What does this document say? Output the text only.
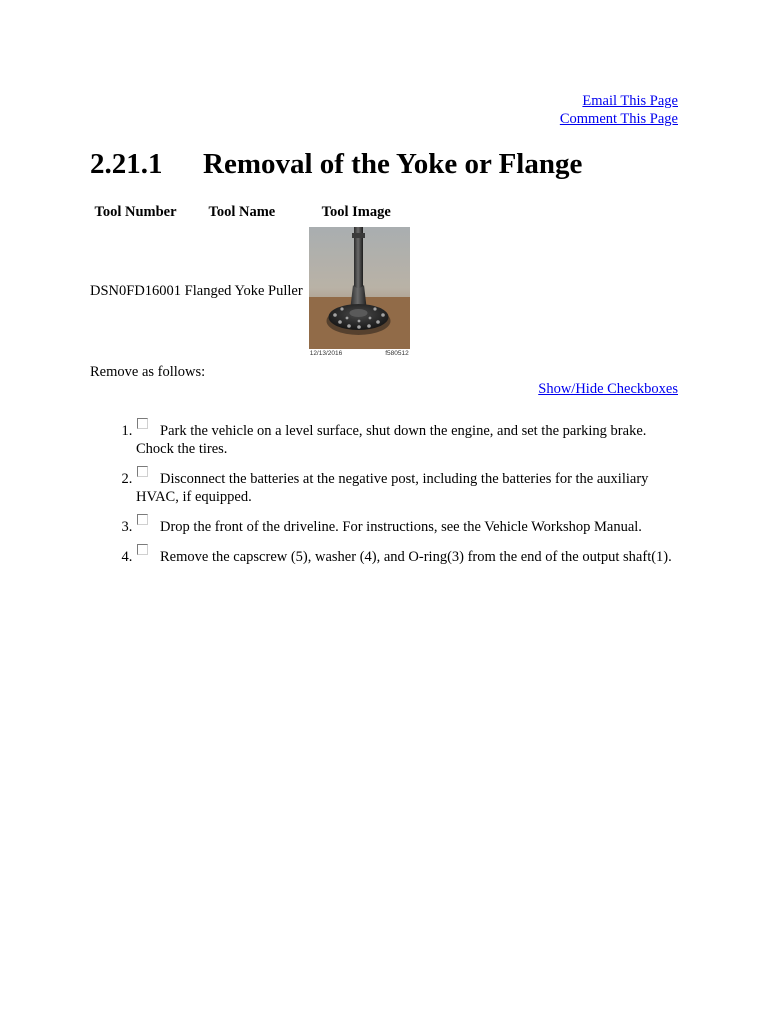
Email This Page
Comment This Page
2.21.1 Removal of the Yoke or Flange
Tool Number	Tool Name	Tool Image
DSN0FD16001	Flanged Yoke Puller	12/13/2016 f580512
Remove as follows:
Show/Hide Checkboxes
1. Park the vehicle on a level surface, shut down the engine, and set the parking brake. Chock the tires.
2. Disconnect the batteries at the negative post, including the batteries for the auxiliary HVAC, if equipped.
3. Drop the front of the driveline. For instructions, see the Vehicle Workshop Manual.
4. Remove the capscrew (5), washer (4), and O-ring(3) from the end of the output shaft(1).
